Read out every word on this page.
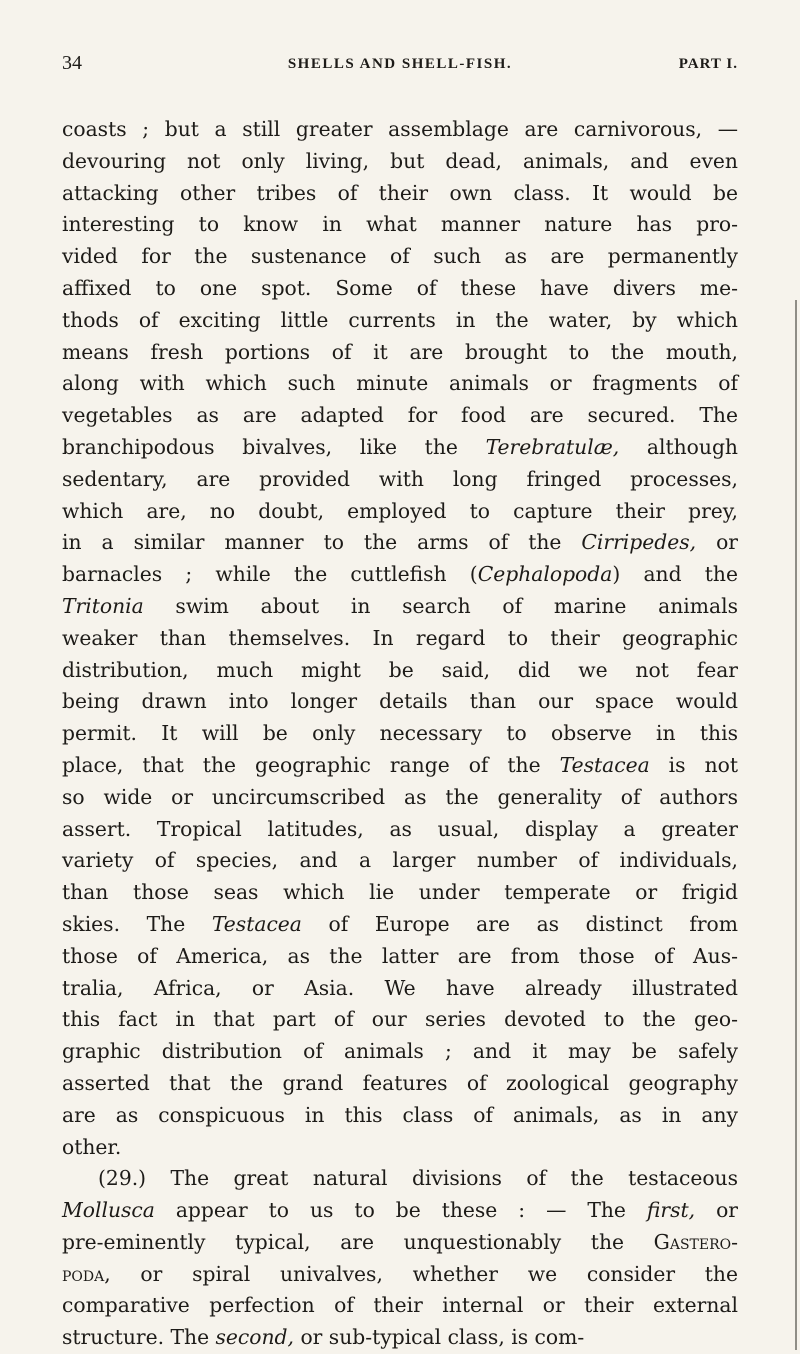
34	SHELLS AND SHELL-FISH.	PART I.
coasts ; but a still greater assemblage are carnivorous, —
devouring not only living, but dead, animals, and even
attacking other tribes of their own class. It would be
interesting to know in what manner nature has pro-
vided for the sustenance of such as are permanently
affixed to one spot. Some of these have divers me-
thods of exciting little currents in the water, by which
means fresh portions of it are brought to the mouth,
along with which such minute animals or fragments of
vegetables as are adapted for food are secured. The
branchipodous bivalves, like the Terebratulæ, although
sedentary, are provided with long fringed processes,
which are, no doubt, employed to capture their prey,
in a similar manner to the arms of the Cirripedes, or
barnacles ; while the cuttlefish (Cephalopoda) and the
Tritonia swim about in search of marine animals
weaker than themselves. In regard to their geographic
distribution, much might be said, did we not fear
being drawn into longer details than our space would
permit. It will be only necessary to observe in this
place, that the geographic range of the Testacea is not
so wide or uncircumscribed as the generality of authors
assert. Tropical latitudes, as usual, display a greater
variety of species, and a larger number of individuals,
than those seas which lie under temperate or frigid
skies. The Testacea of Europe are as distinct from
those of America, as the latter are from those of Aus-
tralia, Africa, or Asia. We have already illustrated
this fact in that part of our series devoted to the geo-
graphic distribution of animals ; and it may be safely
asserted that the grand features of zoological geography
are as conspicuous in this class of animals, as in any
other.
(29.) The great natural divisions of the testaceous
Mollusca appear to us to be these : — The first, or
pre-eminently typical, are unquestionably the Gastero-
poda, or spiral univalves, whether we consider the
comparative perfection of their internal or their external
structure. The second, or sub-typical class, is com-
